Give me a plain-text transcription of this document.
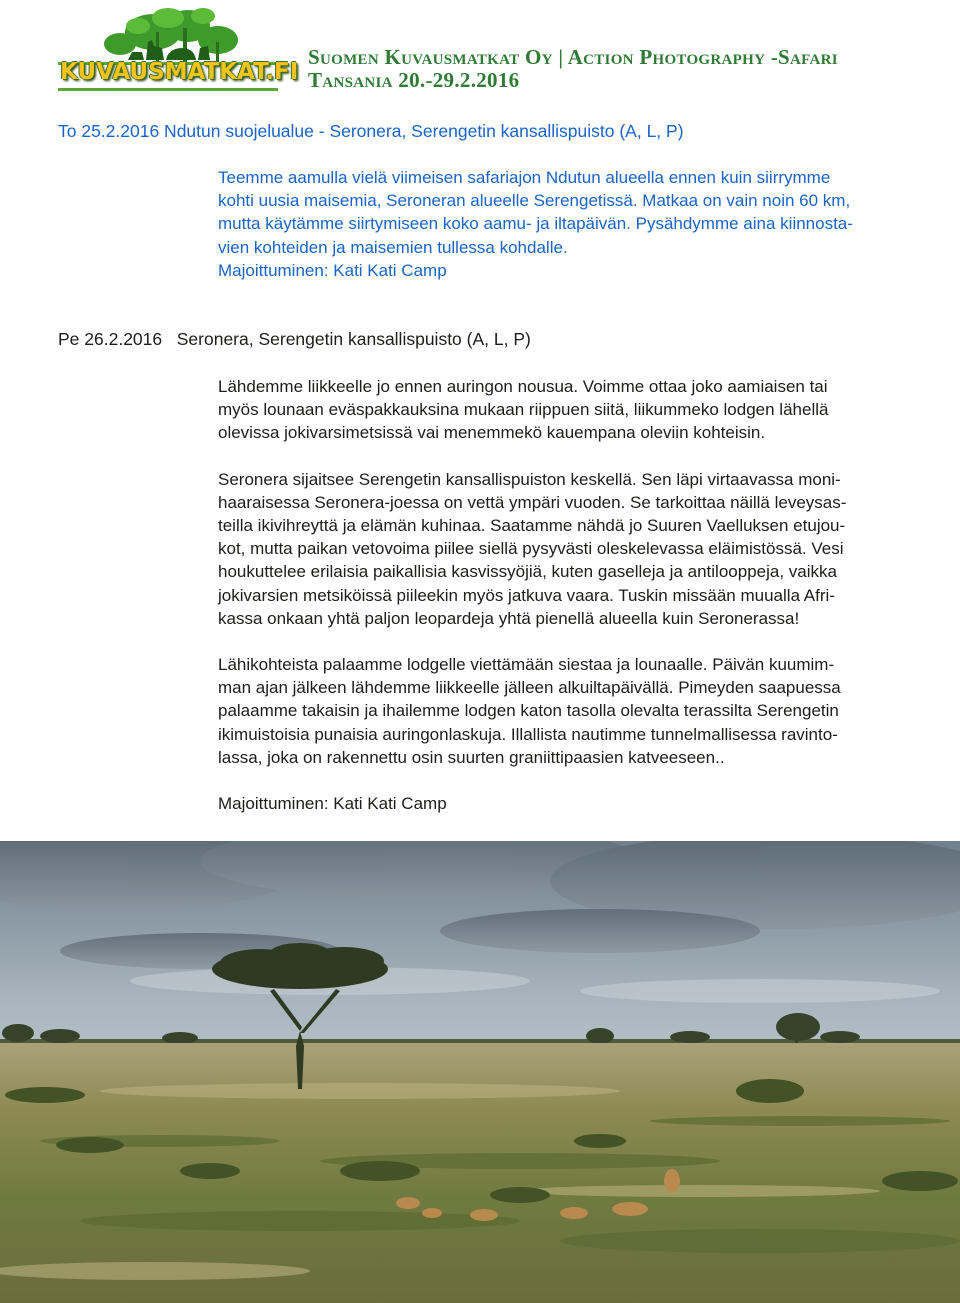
KUVAUSMATKAT.FI
Suomen Kuvausmatkat Oy | Action Photography -Safari
Tansania 20.-29.2.2016
To 25.2.2016 Ndutun suojelualue - Seronera, Serengetin kansallispuisto (A, L, P)
Teemme aamulla vielä viimeisen safariajon Ndutun alueella ennen kuin siirrymme
kohti uusia maisemia, Seroneran alueelle Serengetissä. Matkaa on vain noin 60 km,
mutta käytämme siirtymiseen koko aamu- ja iltapäivän. Pysähdymme aina kiinnosta-
vien kohteiden ja maisemien tullessa kohdalle.
Majoittuminen: Kati Kati Camp
Pe 26.2.2016 Seronera, Serengetin kansallispuisto (A, L, P)
Lähdemme liikkeelle jo ennen auringon nousua. Voimme ottaa joko aamiaisen tai
myös lounaan eväspakkauksina mukaan riippuen siitä, liikummeko lodgen lähellä
olevissa jokivarsimetsissä vai menemmekö kauempana oleviin kohteisin.
Seronera sijaitsee Serengetin kansallispuiston keskellä. Sen läpi virtaavassa moni-
haaraisessa Seronera-joessa on vettä ympäri vuoden. Se tarkoittaa näillä leveysas-
teilla ikivihreyttä ja elämän kuhinaa. Saatamme nähdä jo Suuren Vaelluksen etujou-
kot, mutta paikan vetovoima piilee siellä pysyvästi oleskelevassa eläimistössä. Vesi
houkuttelee erilaisia paikallisia kasvissyöjiä, kuten gaselleja ja antilooppeja, vaikka
jokivarsien metsiköissä piileekin myös jatkuva vaara. Tuskin missään muualla Afri-
kassa onkaan yhtä paljon leopardeja yhtä pienellä alueella kuin Seronerassa!
Lähikohteista palaamme lodgelle viettämään siestaa ja lounaalle. Päivän kuumim-
man ajan jälkeen lähdemme liikkeelle jälleen alkuiltapäivällä. Pimeyden saapuessa
palaamme takaisin ja ihailemme lodgen katon tasolla olevalta terassilta Serengetin
ikimuistoisia punaisia auringonlaskuja. Illallista nautimme tunnelmallisessa ravinto-
lassa, joka on rakennettu osin suurten graniittipaasien katveeseen..
Majoittuminen: Kati Kati Camp
